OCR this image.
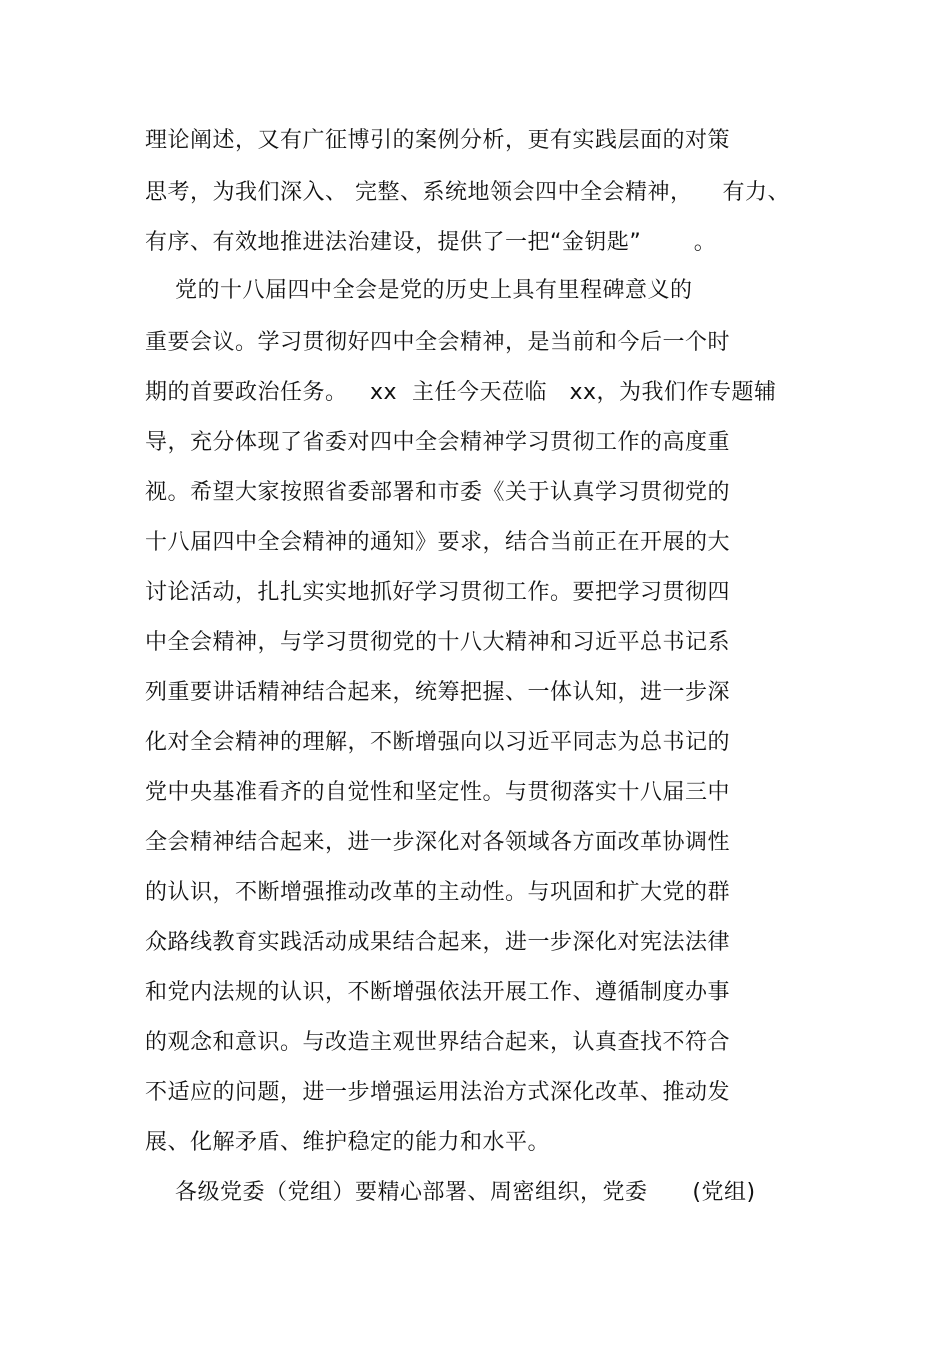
理论阐述，又有广征博引的案例分析，更有实践层面的对策
思考，为我们深入、 完整、系统地领会四中全会精神，    有力、
有序、有效地推进法治建设，提供了一把“金钥匙”       。
党的十八届四中全会是党的历史上具有里程碑意义的
重要会议。学习贯彻好四中全会精神，是当前和今后一个时
期的首要政治任务。   xx  主任今天莅临   xx，为我们作专题辅
导，充分体现了省委对四中全会精神学习贯彻工作的高度重
视。希望大家按照省委部署和市委《关于认真学习贯彻党的
十八届四中全会精神的通知》要求，结合当前正在开展的大
讨论活动，扎扎实实地抓好学习贯彻工作。要把学习贯彻四
中全会精神，与学习贯彻党的十八大精神和习近平总书记系
列重要讲话精神结合起来，统筹把握、一体认知，进一步深
化对全会精神的理解，不断增强向以习近平同志为总书记的
党中央基准看齐的自觉性和坚定性。与贯彻落实十八届三中
全会精神结合起来，进一步深化对各领域各方面改革协调性
的认识，不断增强推动改革的主动性。与巩固和扩大党的群
众路线教育实践活动成果结合起来，进一步深化对宪法法律
和党内法规的认识，不断增强依法开展工作、遵循制度办事
的观念和意识。与改造主观世界结合起来，认真查找不符合
不适应的问题，进一步增强运用法治方式深化改革、推动发
展、化解矛盾、维护稳定的能力和水平。
各级党委（党组）要精心部署、周密组织，党委      (党组)
